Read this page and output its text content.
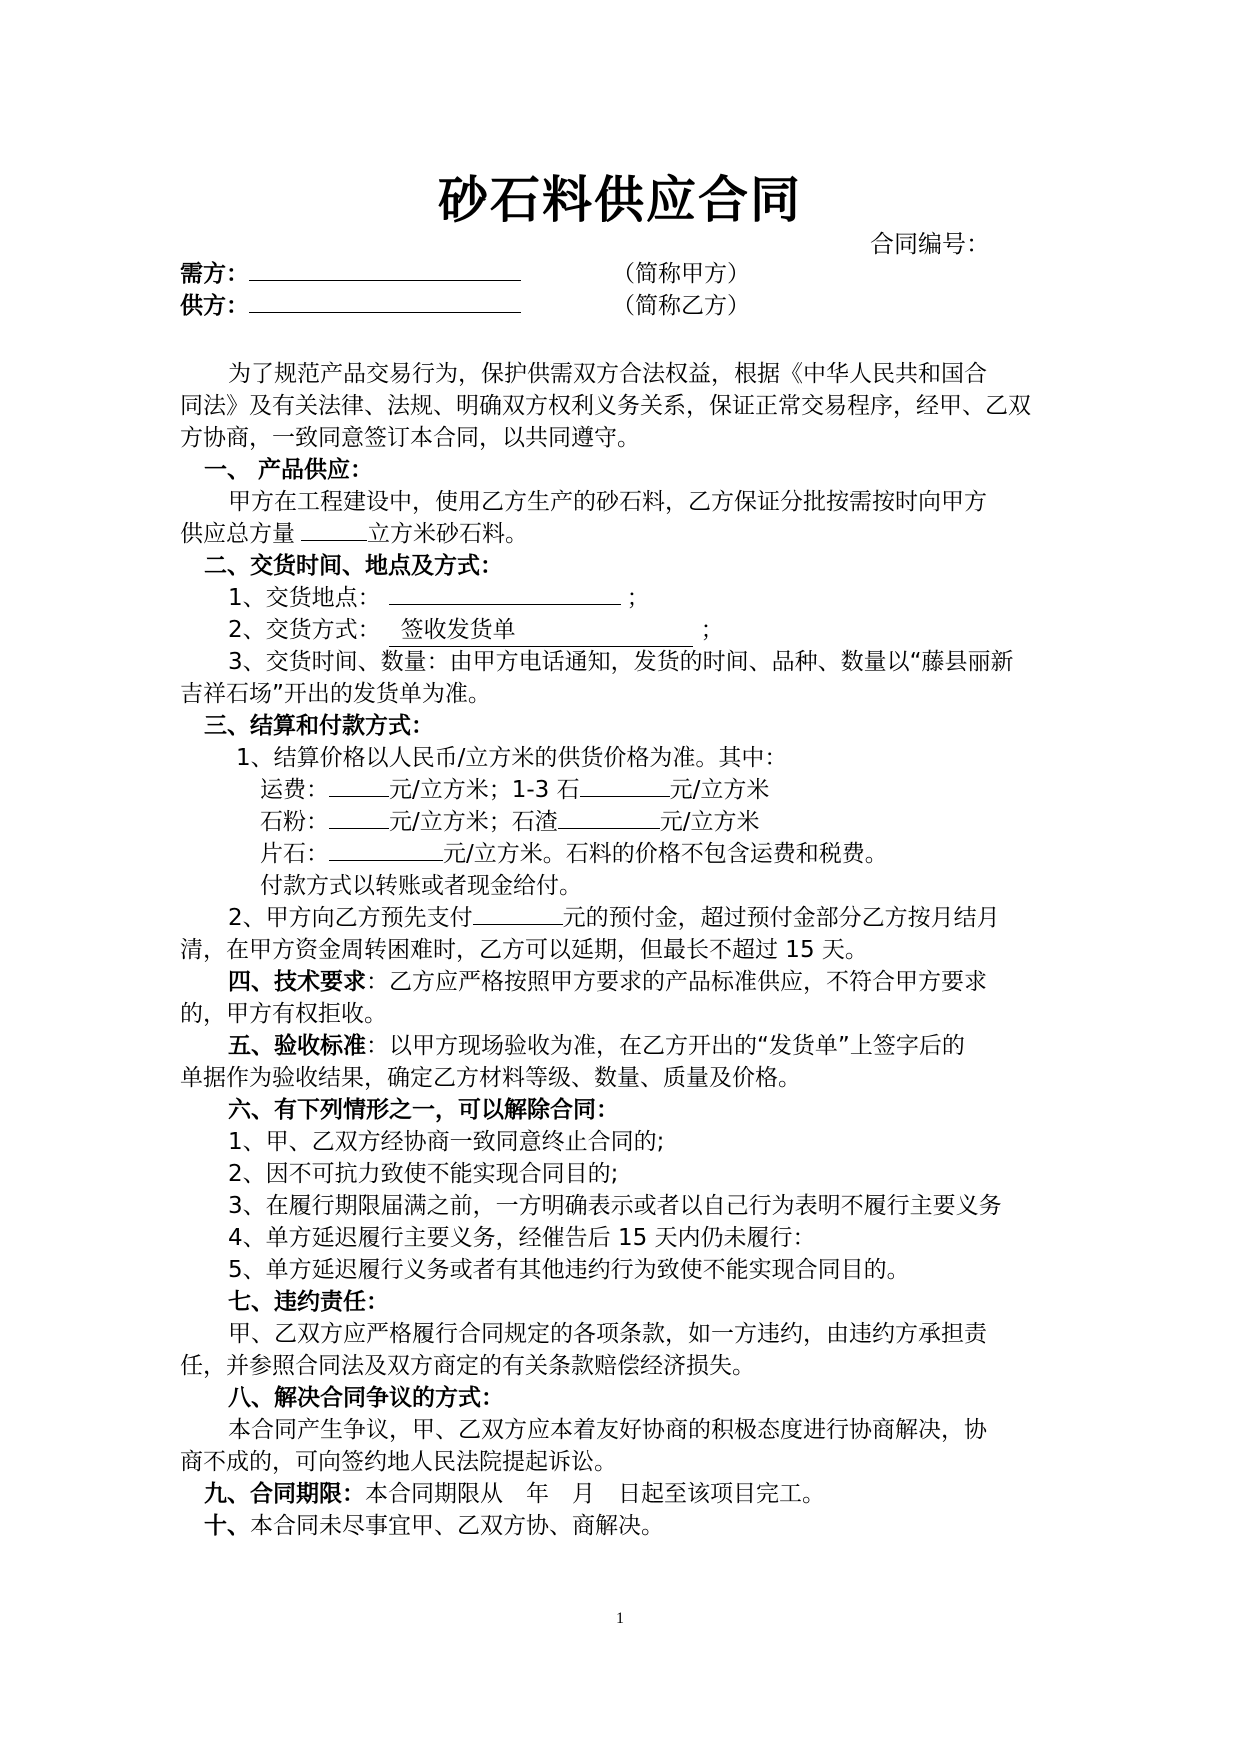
砂石料供应合同
合同编号：
需方：	（简称甲方）
供方：	（简称乙方）
为了规范产品交易行为，保护供需双方合法权益，根据《中华人民共和国合
同法》及有关法律、法规、明确双方权利义务关系，保证正常交易程序，经甲、乙双
方协商，一致同意签订本合同，以共同遵守。
一、 产品供应：
甲方在工程建设中，使用乙方生产的砂石料，乙方保证分批按需按时向甲方
供应总方量	立方米砂石料。
二、交货时间、地点及方式：
1、交货地点：	；
2、交货方式： 签收发货单	；
3、交货时间、数量：由甲方电话通知，发货的时间、品种、数量以“藤县丽新
吉祥石场”开出的发货单为准。
三、结算和付款方式：
1、结算价格以人民币/立方米的供货价格为准。其中：
运费：	元/立方米；1-3 石	元/立方米
石粉：	元/立方米；石渣	元/立方米
片石：	元/立方米。石料的价格不包含运费和税费。
付款方式以转账或者现金给付。
2、甲方向乙方预先支付	元的预付金，超过预付金部分乙方按月结月
清，在甲方资金周转困难时，乙方可以延期，但最长不超过 15 天。
四、技术要求：乙方应严格按照甲方要求的产品标准供应，不符合甲方要求
的，甲方有权拒收。
五、验收标准：以甲方现场验收为准，在乙方开出的“发货单”上签字后的
单据作为验收结果，确定乙方材料等级、数量、质量及价格。
六、有下列情形之一，可以解除合同：
1、甲、乙双方经协商一致同意终止合同的;
2、因不可抗力致使不能实现合同目的;
3、在履行期限届满之前，一方明确表示或者以自己行为表明不履行主要义务
4、单方延迟履行主要义务，经催告后 15 天内仍未履行：
5、单方延迟履行义务或者有其他违约行为致使不能实现合同目的。
七、违约责任：
甲、乙双方应严格履行合同规定的各项条款，如一方违约，由违约方承担责
任，并参照合同法及双方商定的有关条款赔偿经济损失。
八、解决合同争议的方式：
本合同产生争议，甲、乙双方应本着友好协商的积极态度进行协商解决，协
商不成的，可向签约地人民法院提起诉讼。
九、合同期限：本合同期限从　年　月　日起至该项目完工。
十、本合同未尽事宜甲、乙双方协、商解决。
1
